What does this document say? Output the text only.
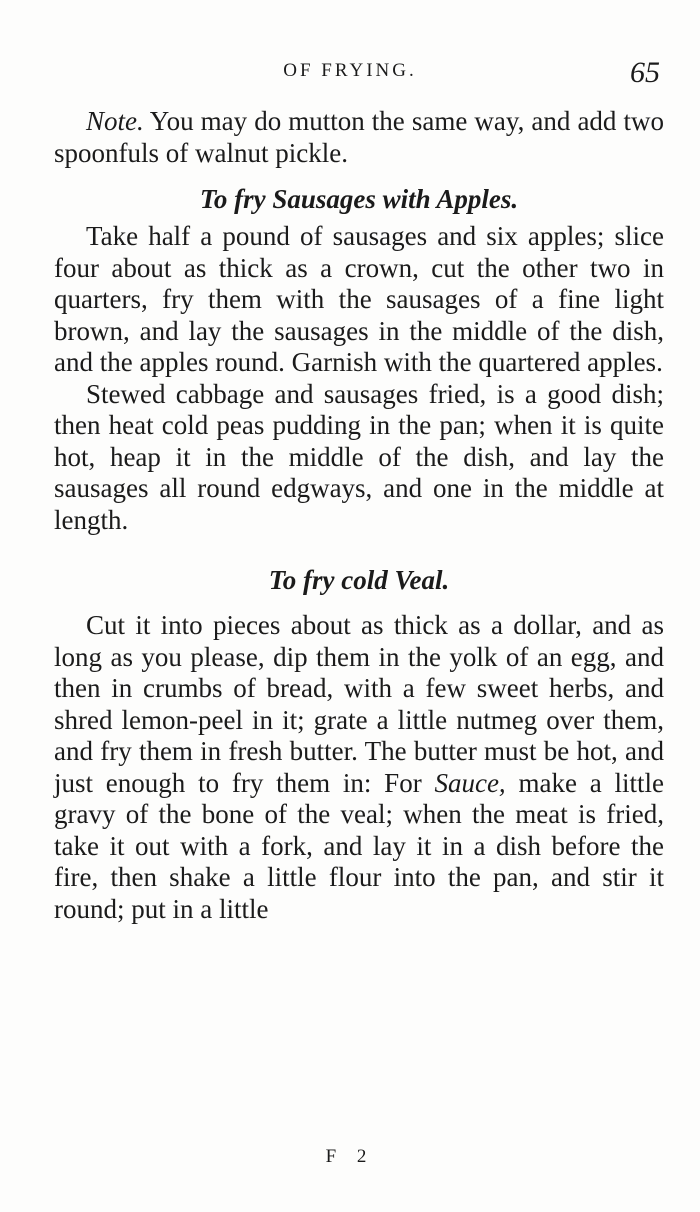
OF FRYING.	65

Note. You may do mutton the same way, and add two spoonfuls of walnut pickle.

To fry Sausages with Apples.

Take half a pound of sausages and six apples; slice four about as thick as a crown, cut the other two in quarters, fry them with the sausages of a fine light brown, and lay the sausages in the middle of the dish, and the apples round. Garnish with the quartered apples.

Stewed cabbage and sausages fried, is a good dish; then heat cold peas pudding in the pan; when it is quite hot, heap it in the middle of the dish, and lay the sausages all round edgways, and one in the middle at length.

To fry cold Veal.

Cut it into pieces about as thick as a dollar, and as long as you please, dip them in the yolk of an egg, and then in crumbs of bread, with a few sweet herbs, and shred lemon-peel in it; grate a little nutmeg over them, and fry them in fresh butter. The butter must be hot, and just enough to fry them in: For Sauce, make a little gravy of the bone of the veal; when the meat is fried, take it out with a fork, and lay it in a dish before the fire, then shake a little flour into the pan, and stir it round; put in a little

F 2
